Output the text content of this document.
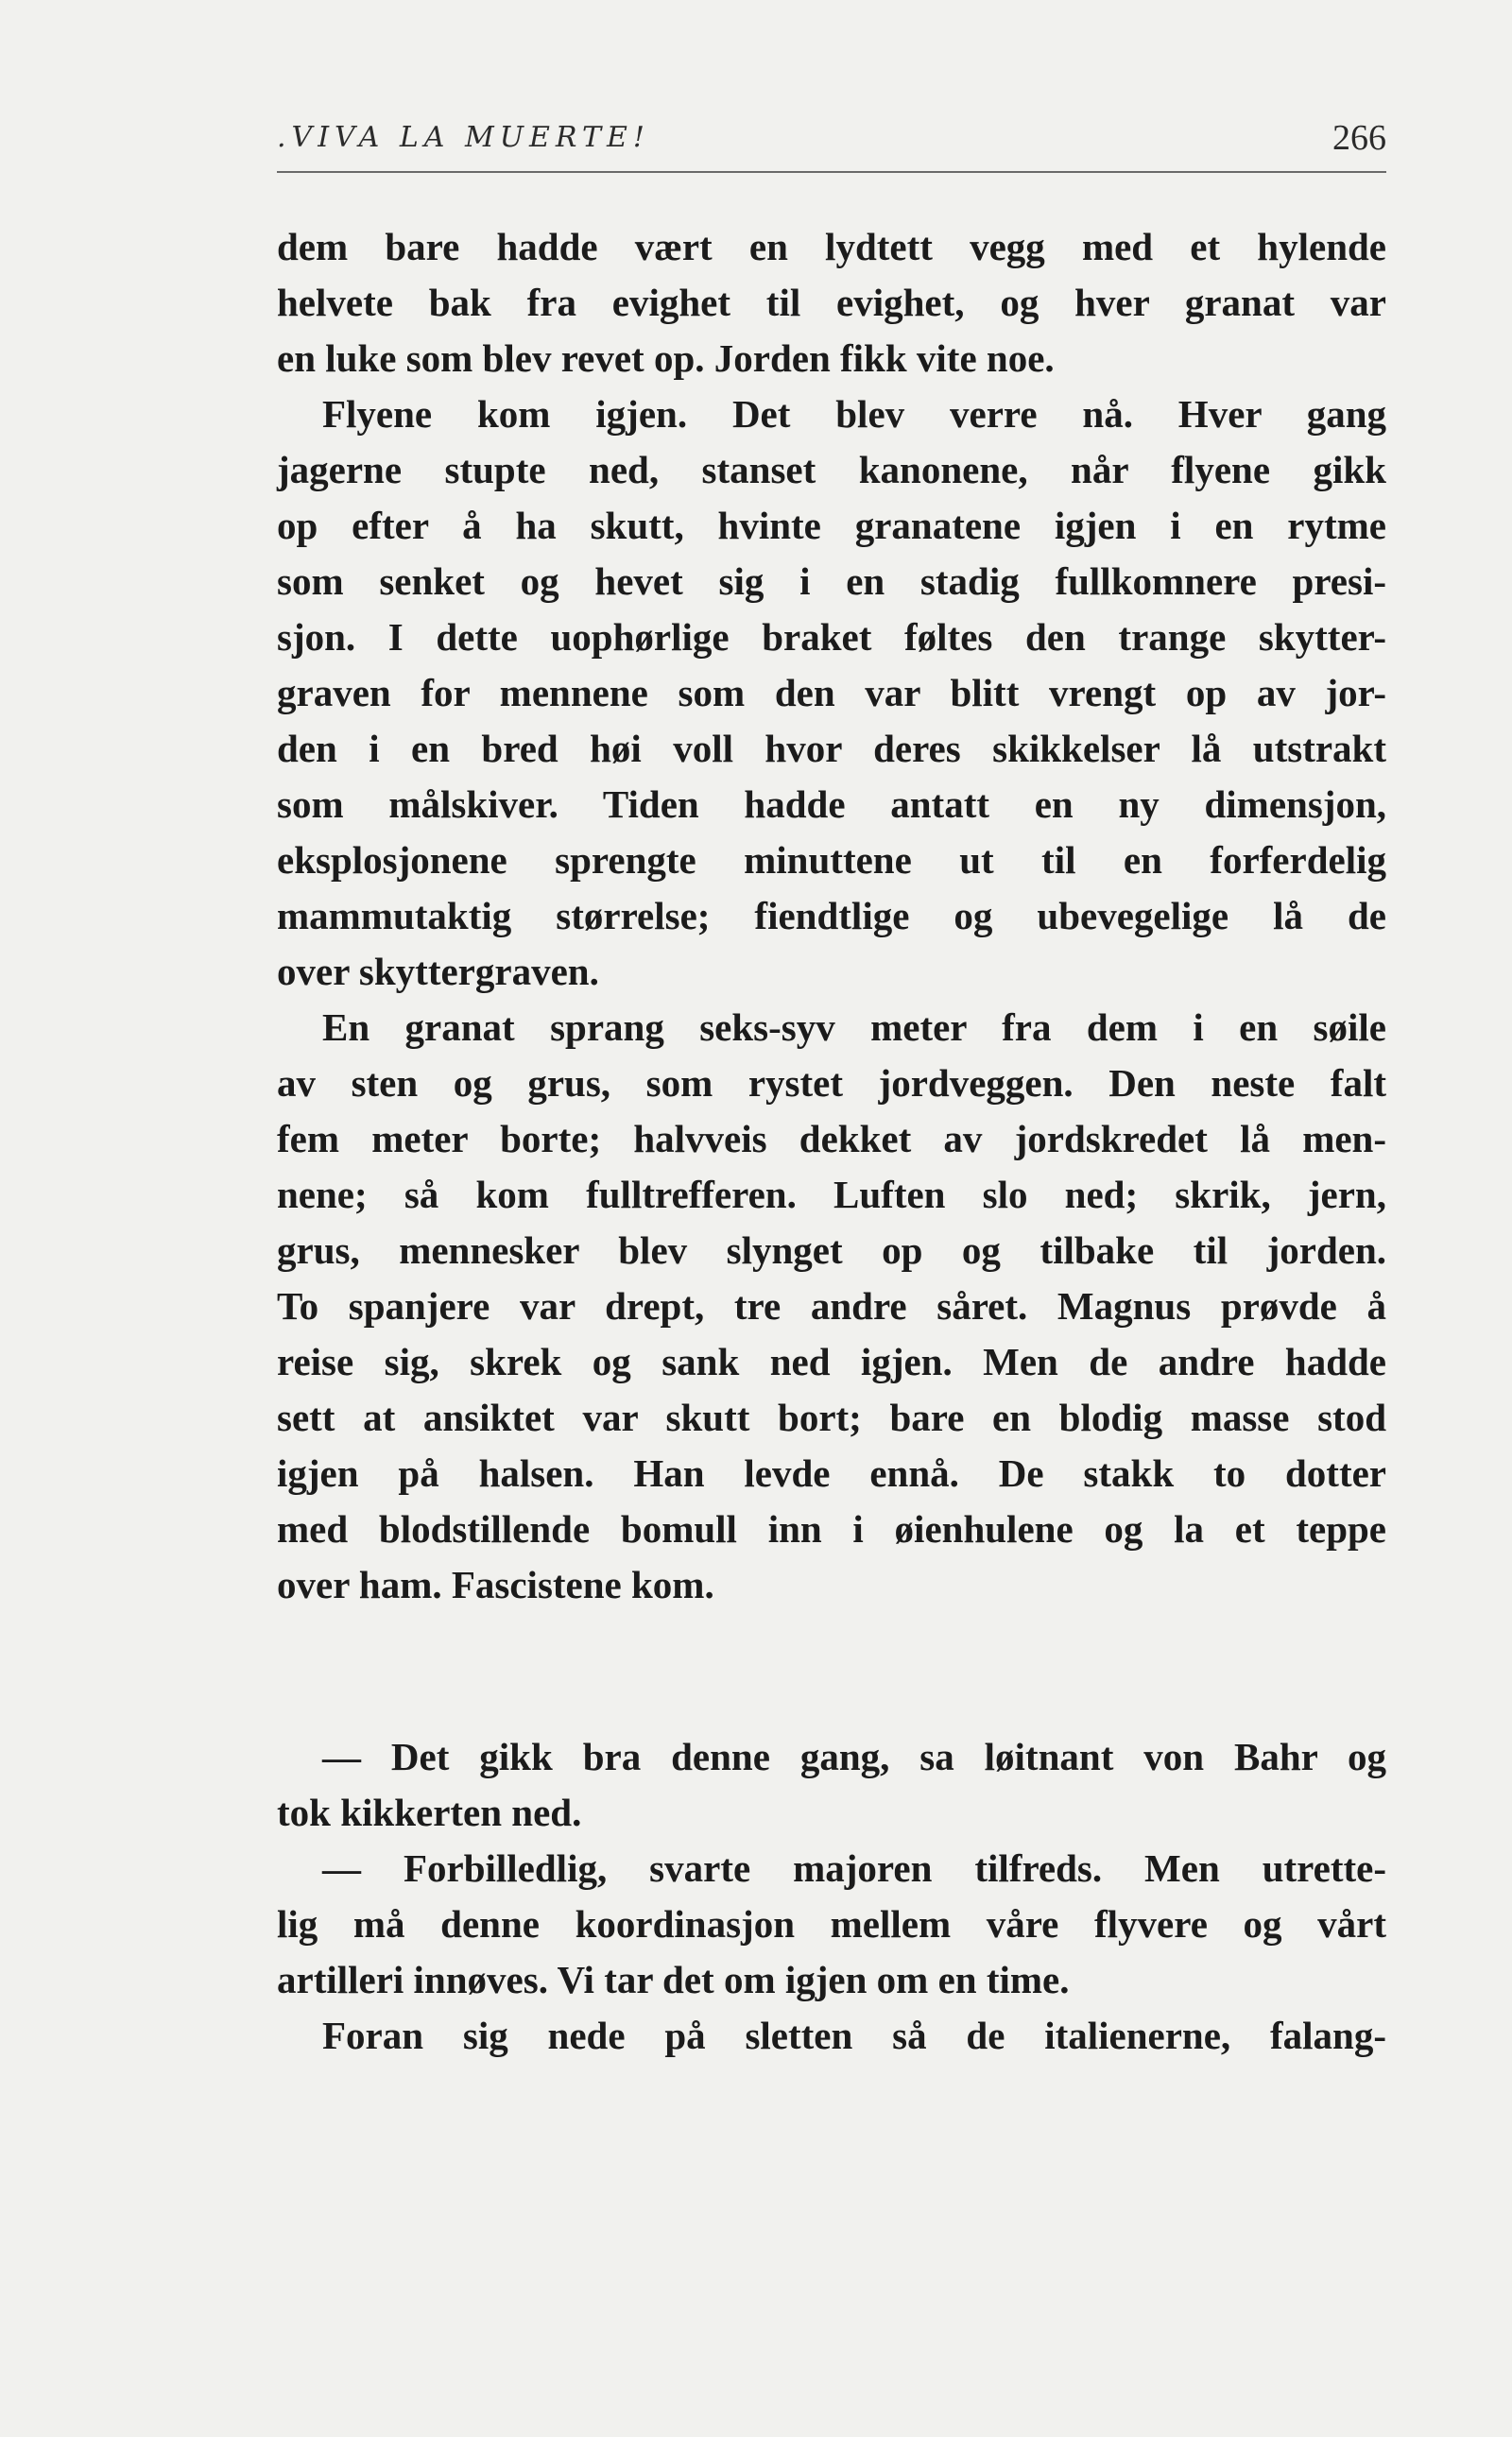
.VIVA LA MUERTE!	266
dem bare hadde vært en lydtett vegg med et hylende
helvete bak fra evighet til evighet, og hver granat var
en luke som blev revet op. Jorden fikk vite noe.
Flyene kom igjen. Det blev verre nå. Hver gang
jagerne stupte ned, stanset kanonene, når flyene gikk
op efter å ha skutt, hvinte granatene igjen i en rytme
som senket og hevet sig i en stadig fullkomnere presi-
sjon. I dette uophørlige braket føltes den trange skytter-
graven for mennene som den var blitt vrengt op av jor-
den i en bred høi voll hvor deres skikkelser lå utstrakt
som målskiver. Tiden hadde antatt en ny dimensjon,
eksplosjonene sprengte minuttene ut til en forferdelig
mammutaktig størrelse; fiendtlige og ubevegelige lå de
over skyttergraven.
En granat sprang seks-syv meter fra dem i en søile
av sten og grus, som rystet jordveggen. Den neste falt
fem meter borte; halvveis dekket av jordskredet lå men-
nene; så kom fulltrefferen. Luften slo ned; skrik, jern,
grus, mennesker blev slynget op og tilbake til jorden.
To spanjere var drept, tre andre såret. Magnus prøvde å
reise sig, skrek og sank ned igjen. Men de andre hadde
sett at ansiktet var skutt bort; bare en blodig masse stod
igjen på halsen. Han levde ennå. De stakk to dotter
med blodstillende bomull inn i øienhulene og la et teppe
over ham. Fascistene kom.
— Det gikk bra denne gang, sa løitnant von Bahr og
tok kikkerten ned.
— Forbilledlig, svarte majoren tilfreds. Men utrette-
lig må denne koordinasjon mellem våre flyvere og vårt
artilleri innøves. Vi tar det om igjen om en time.
Foran sig nede på sletten så de italienerne, falang-
